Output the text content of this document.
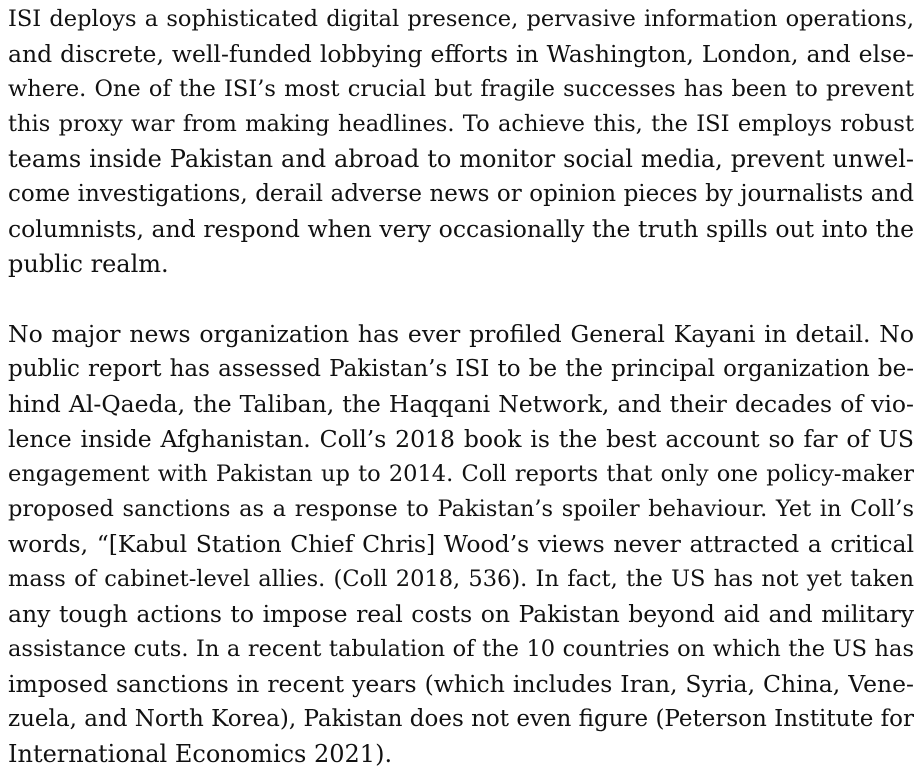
ISI deploys a sophisticated digital presence, pervasive information operations,
and discrete, well-funded lobbying efforts in Washington, London, and else-
where. One of the ISI’s most crucial but fragile successes has been to prevent
this proxy war from making headlines. To achieve this, the ISI employs robust
teams inside Pakistan and abroad to monitor social media, prevent unwel-
come investigations, derail adverse news or opinion pieces by journalists and
columnists, and respond when very occasionally the truth spills out into the
public realm.
No major news organization has ever profiled General Kayani in detail. No
public report has assessed Pakistan’s ISI to be the principal organization be-
hind Al-Qaeda, the Taliban, the Haqqani Network, and their decades of vio-
lence inside Afghanistan. Coll’s 2018 book is the best account so far of US
engagement with Pakistan up to 2014. Coll reports that only one policy-maker
proposed sanctions as a response to Pakistan’s spoiler behaviour. Yet in Coll’s
words, “[Kabul Station Chief Chris] Wood’s views never attracted a critical
mass of cabinet-level allies. (Coll 2018, 536). In fact, the US has not yet taken
any tough actions to impose real costs on Pakistan beyond aid and military
assistance cuts. In a recent tabulation of the 10 countries on which the US has
imposed sanctions in recent years (which includes Iran, Syria, China, Vene-
zuela, and North Korea), Pakistan does not even figure (Peterson Institute for
International Economics 2021).
